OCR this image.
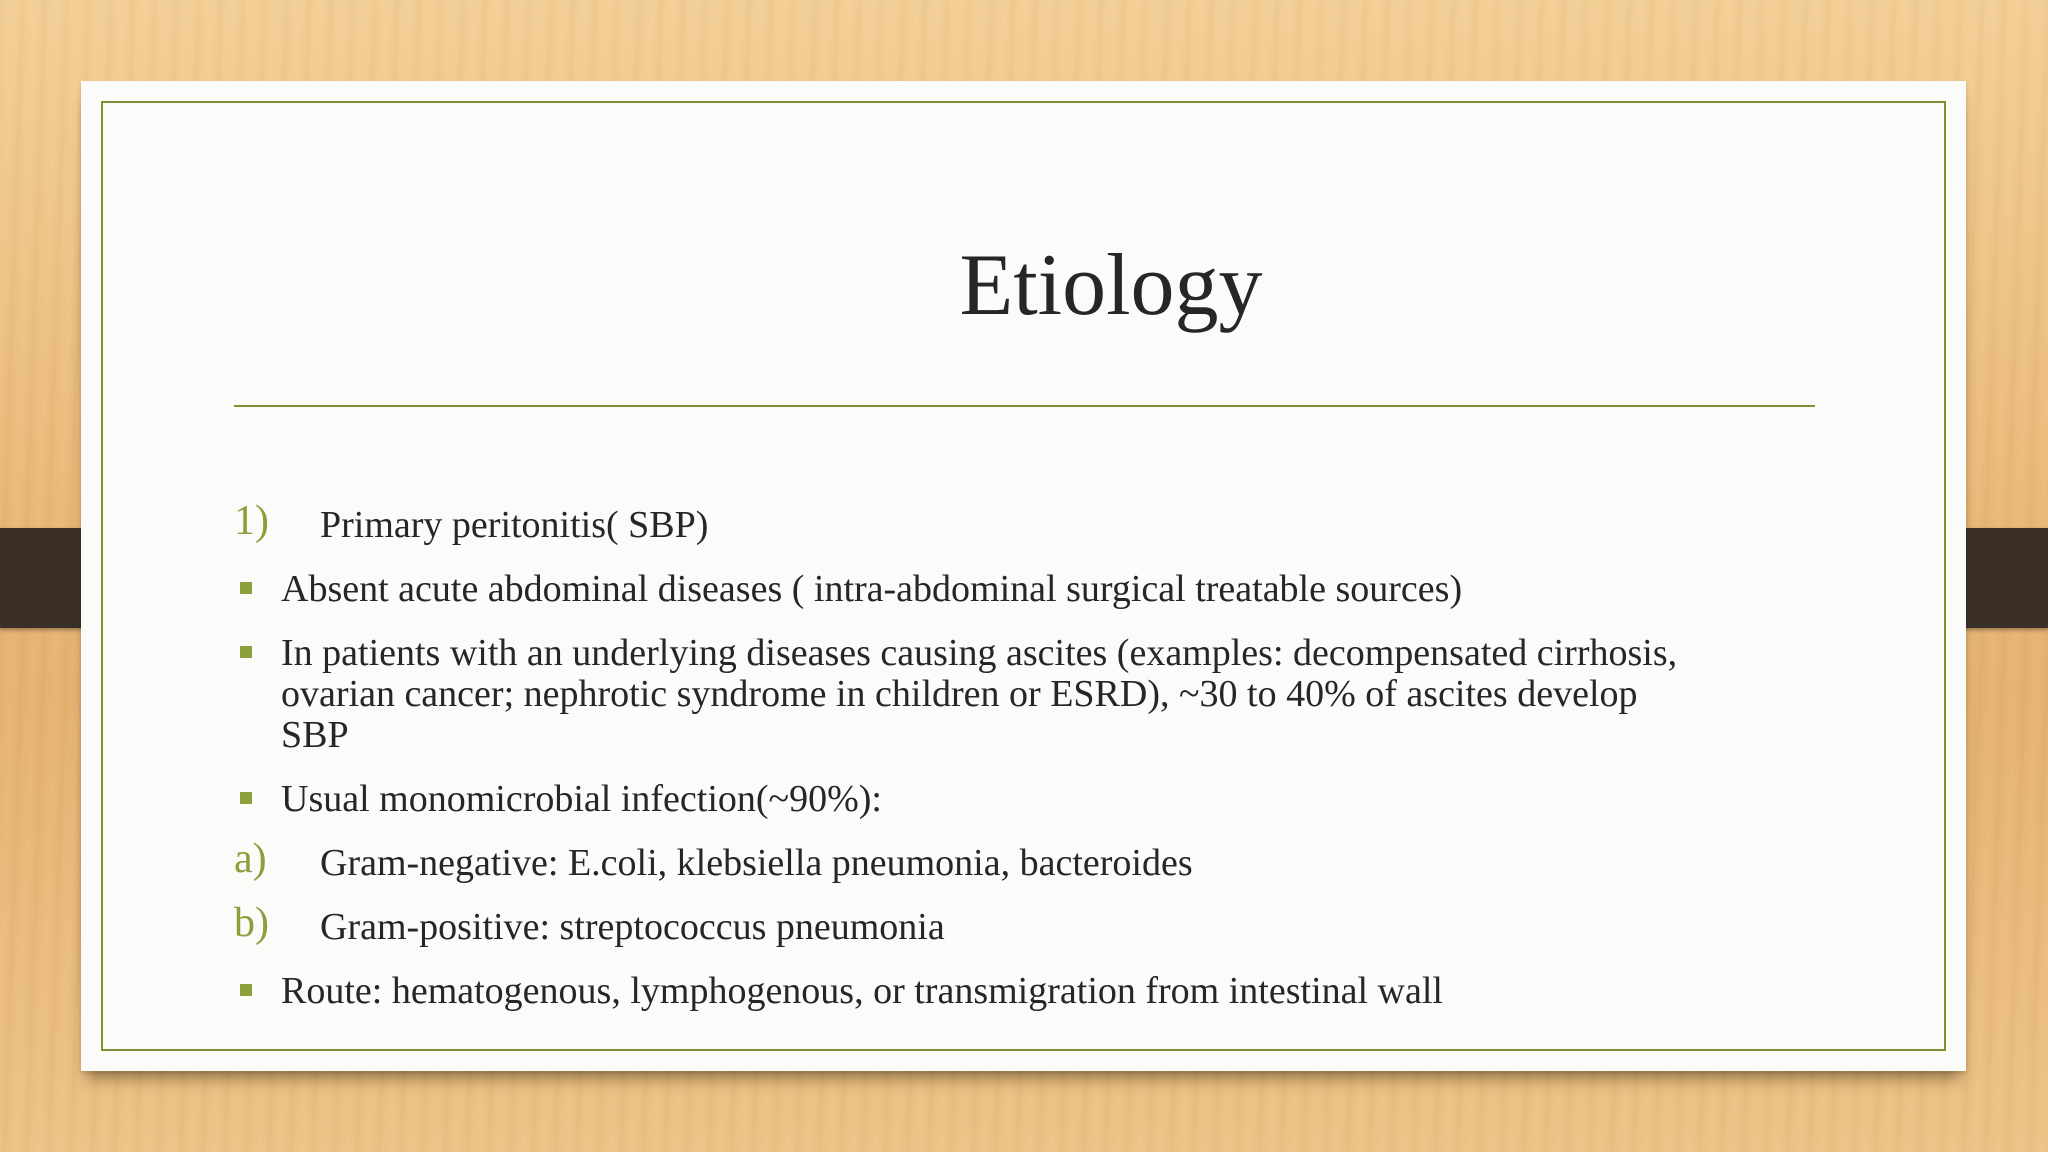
Etiology
1) Primary peritonitis( SBP)
Absent acute abdominal diseases ( intra-abdominal surgical treatable sources)
In patients with an underlying diseases causing ascites (examples: decompensated cirrhosis,
ovarian cancer; nephrotic syndrome in children or ESRD), ~30 to 40% of ascites develop
SBP
Usual monomicrobial infection(~90%):
a) Gram-negative: E.coli, klebsiella pneumonia, bacteroides
b) Gram-positive: streptococcus pneumonia
Route: hematogenous, lymphogenous, or transmigration from intestinal wall
